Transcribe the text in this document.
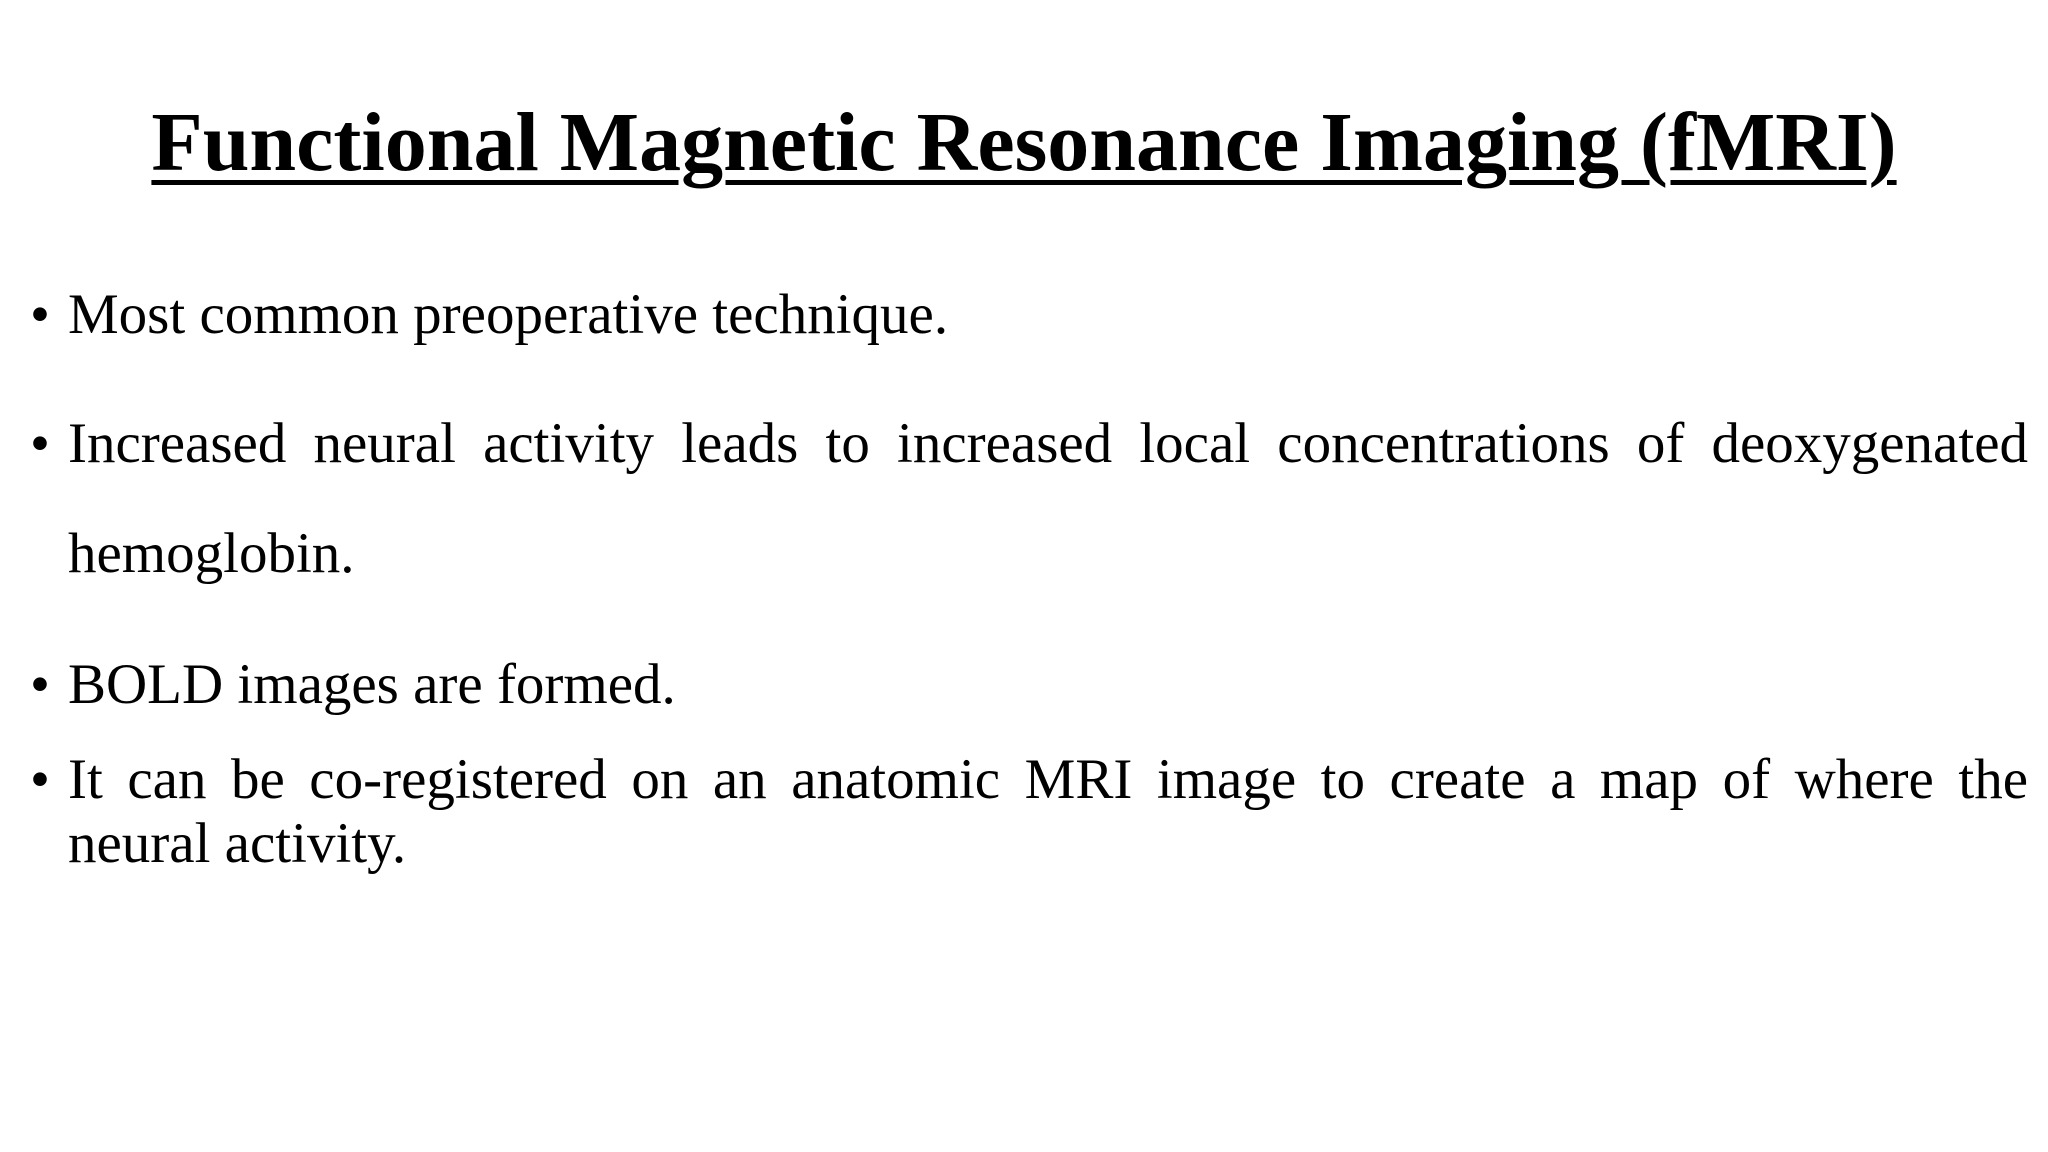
Functional Magnetic Resonance Imaging (fMRI)
• Most common preoperative technique.
• Increased neural activity leads to increased local concentrations of deoxygenated hemoglobin.
• BOLD images are formed.
• It can be co-registered on an anatomic MRI image to create a map of where the neural activity.
